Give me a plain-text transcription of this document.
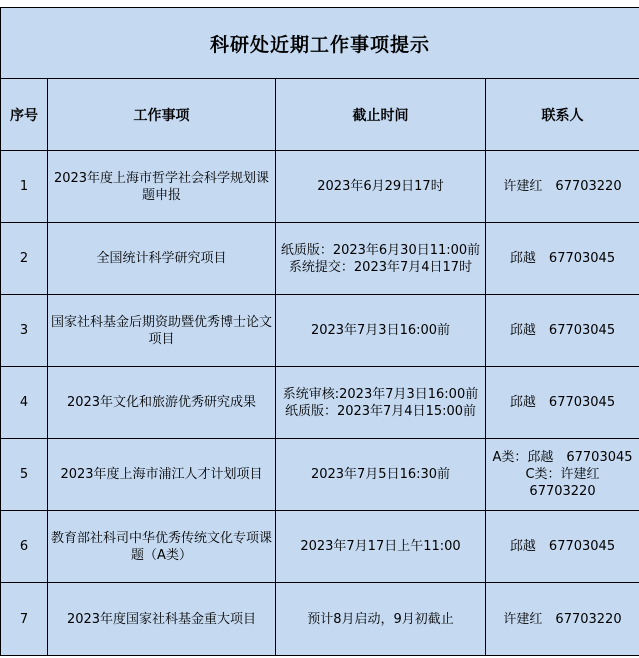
科研处近期工作事项提示			
序号	工作事项	截止时间	联系人
1	2023年度上海市哲学社会科学规划课题申报	2023年6月29日17时	许建红　67703220

2	全国统计科学研究项目	纸质版：2023年6月30日11:00前
系统提交：2023年7月4日17时	邱越　67703045

3	国家社科基金后期资助暨优秀博士论文项目	2023年7月3日16:00前	邱越　67703045

4	2023年文化和旅游优秀研究成果	系统审核:2023年7月3日16:00前
纸质版：2023年7月4日15:00前	邱越　67703045

5	2023年度上海市浦江人才计划项目	2023年7月5日16:30前	A类：邱越　67703045
C类：许建红
67703220

6	教育部社科司中华优秀传统文化专项课题（A类）	2023年7月17日上午11:00	邱越　67703045

7	2023年度国家社科基金重大项目	预计8月启动，9月初截止	许建红　67703220
